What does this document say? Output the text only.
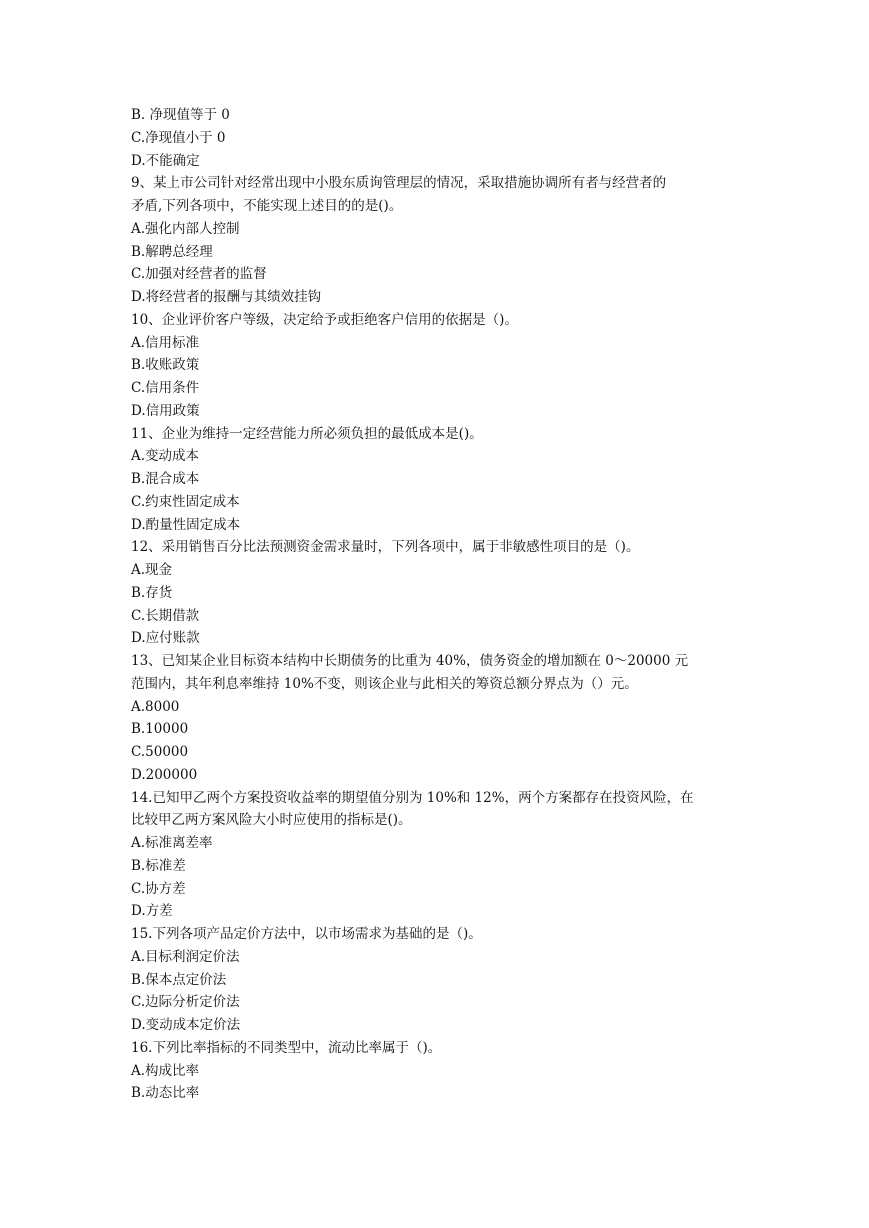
B. 净现值等于 0
C.净现值小于 0
D.不能确定
9、某上市公司针对经常出现中小股东质询管理层的情况，采取措施协调所有者与经营者的
矛盾,下列各项中，不能实现上述目的的是()。
A.强化内部人控制
B.解聘总经理
C.加强对经营者的监督
D.将经营者的报酬与其绩效挂钩
10、企业评价客户等级，决定给予或拒绝客户信用的依据是（)。
A.信用标准
B.收账政策
C.信用条件
D.信用政策
11、企业为维持一定经营能力所必须负担的最低成本是()。
A.变动成本
B.混合成本
C.约束性固定成本
D.酌量性固定成本
12、采用销售百分比法预测资金需求量时，下列各项中，属于非敏感性项目的是（)。
A.现金
B.存货
C.长期借款
D.应付账款
13、已知某企业目标资本结构中长期债务的比重为 40%，债务资金的增加额在 0～20000 元
范围内，其年利息率维持 10%不变，则该企业与此相关的筹资总额分界点为（）元。
A.8000
B.10000
C.50000
D.200000
14.已知甲乙两个方案投资收益率的期望值分别为 10%和 12%，两个方案都存在投资风险，在
比较甲乙两方案风险大小时应使用的指标是()。
A.标准离差率
B.标准差
C.协方差
D.方差
15.下列各项产品定价方法中，以市场需求为基础的是（)。
A.目标利润定价法
B.保本点定价法
C.边际分析定价法
D.变动成本定价法
16.下列比率指标的不同类型中，流动比率属于（)。
A.构成比率
B.动态比率
